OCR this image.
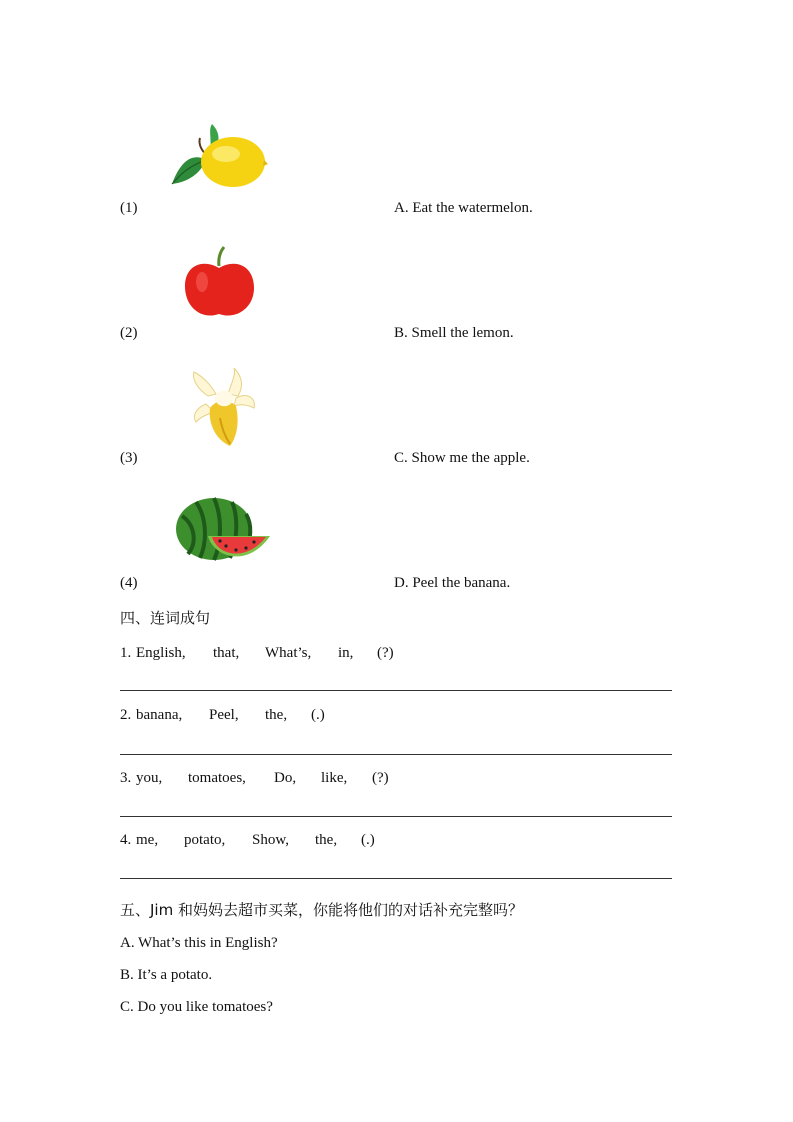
(1)	A. Eat the watermelon.
(2)	B. Smell the lemon.
(3)	C. Show me the apple.
(4)	D. Peel the banana.
四、连词成句
1. English, that, What’s, in, (?)
2. banana, Peel, the, (.)
3. you, tomatoes, Do, like, (?)
4. me, potato, Show, the, (.)
五、Jim 和妈妈去超市买菜，你能将他们的对话补充完整吗？
A. What’s this in English?
B. It’s a potato.
C. Do you like tomatoes?
